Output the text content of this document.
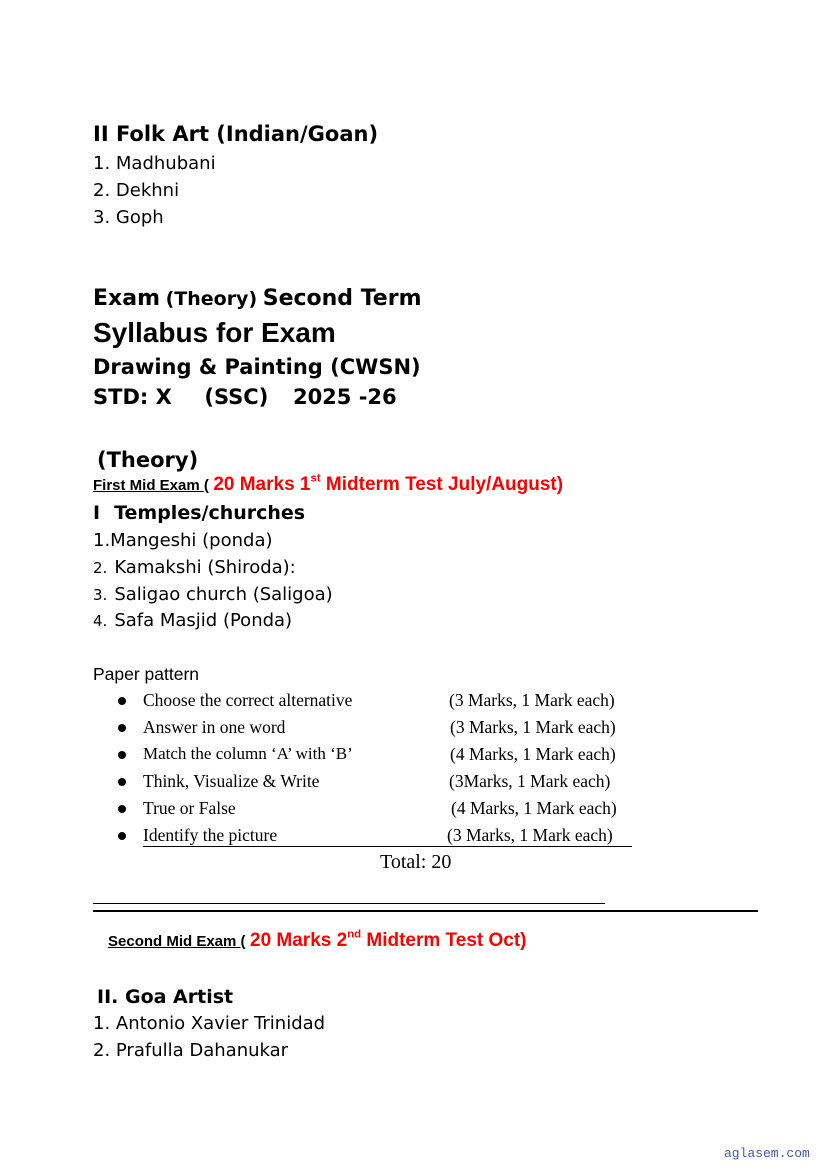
II Folk Art (Indian/Goan)
1. Madhubani
2. Dekhni
3. Goph
Exam (Theory) Second Term
Syllabus for Exam
Drawing & Painting (CWSN)
STD: X (SSC) 2025 -26
(Theory)
First Mid Exam ( 20 Marks 1st Midterm Test July/August)
I Temples/churches
1.Mangeshi (ponda)
2. Kamakshi (Shiroda):
3. Saligao church (Saligoa)
4. Safa Masjid (Ponda)
Paper pattern
Choose the correct alternative	(3 Marks, 1 Mark each)
Answer in one word	(3 Marks, 1 Mark each)
Match the column ‘A’ with ‘B’	(4 Marks, 1 Mark each)
Think, Visualize & Write	(3Marks, 1 Mark each)
True or False	(4 Marks, 1 Mark each)
Identify the picture	(3 Marks, 1 Mark each)
Total: 20
Second Mid Exam ( 20 Marks 2nd Midterm Test Oct)
II. Goa Artist
1. Antonio Xavier Trinidad
2. Prafulla Dahanukar
aglasem.com
